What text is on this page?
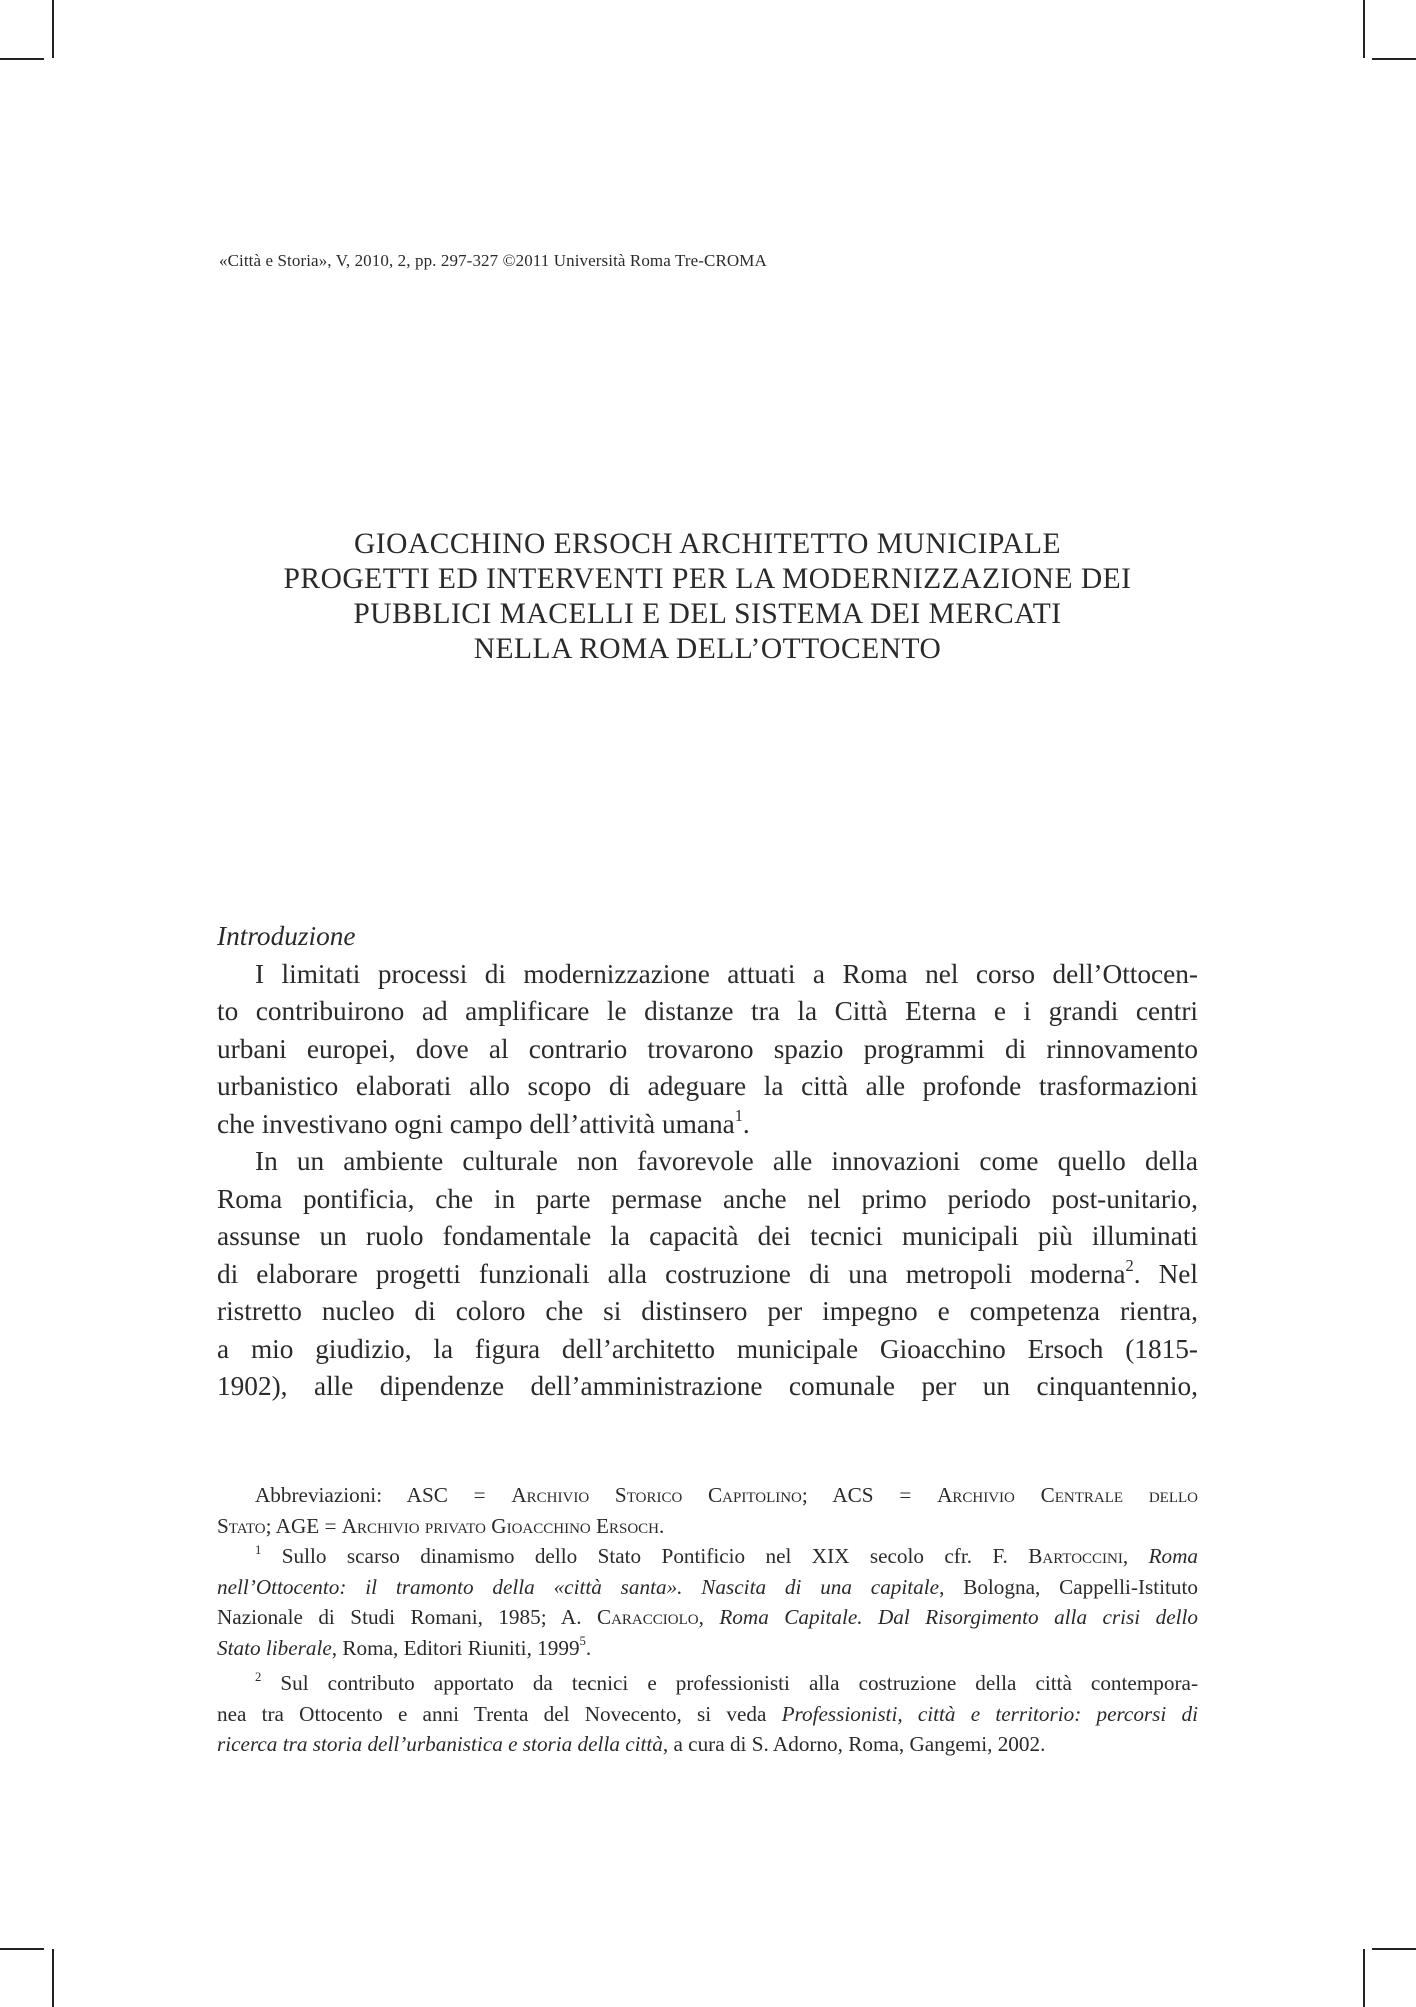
«Città e Storia», V, 2010, 2, pp. 297-327 ©2011 Università Roma Tre-CROMA
GIOACCHINO ERSOCH ARCHITETTO MUNICIPALE
PROGETTI ED INTERVENTI PER LA MODERNIZZAZIONE DEI
PUBBLICI MACELLI E DEL SISTEMA DEI MERCATI
NELLA ROMA DELL’OTTOCENTO

Introduzione

I limitati processi di modernizzazione attuati a Roma nel corso dell’Ottocen-
to contribuirono ad amplificare le distanze tra la Città Eterna e i grandi centri
urbani europei, dove al contrario trovarono spazio programmi di rinnovamento
urbanistico elaborati allo scopo di adeguare la città alle profonde trasformazioni
che investivano ogni campo dell’attività umana$^1$.

In un ambiente culturale non favorevole alle innovazioni come quello della
Roma pontificia, che in parte permase anche nel primo periodo post-unitario,
assunse un ruolo fondamentale la capacità dei tecnici municipali più illuminati
di elaborare progetti funzionali alla costruzione di una metropoli moderna$^2$. Nel
ristretto nucleo di coloro che si distinsero per impegno e competenza rientra,
a mio giudizio, la figura dell’architetto municipale Gioacchino Ersoch (1815-
1902), alle dipendenze dell’amministrazione comunale per un cinquantennio,

Abbreviazioni: ASC = Archivio Storico Capitolino; ACS = Archivio Centrale dello

Stato; AGE = Archivio privato Gioacchino Ersoch.

$^1$ Sullo scarso dinamismo dello Stato Pontificio nel XIX secolo cfr. F. Bartoccini, Roma

nell’Ottocento: il tramonto della «città santa». Nascita di una capitale, Bologna, Cappelli-Istituto

Nazionale di Studi Romani, 1985; A. Caracciolo, Roma Capitale. Dal Risorgimento alla crisi dello

Stato liberale, Roma, Editori Riuniti, 1999$^5$.

$^2$ Sul contributo apportato da tecnici e professionisti alla costruzione della città contempora-

nea tra Ottocento e anni Trenta del Novecento, si veda Professionisti, città e territorio: percorsi di

ricerca tra storia dell’urbanistica e storia della città, a cura di S. Adorno, Roma, Gangemi, 2002.
